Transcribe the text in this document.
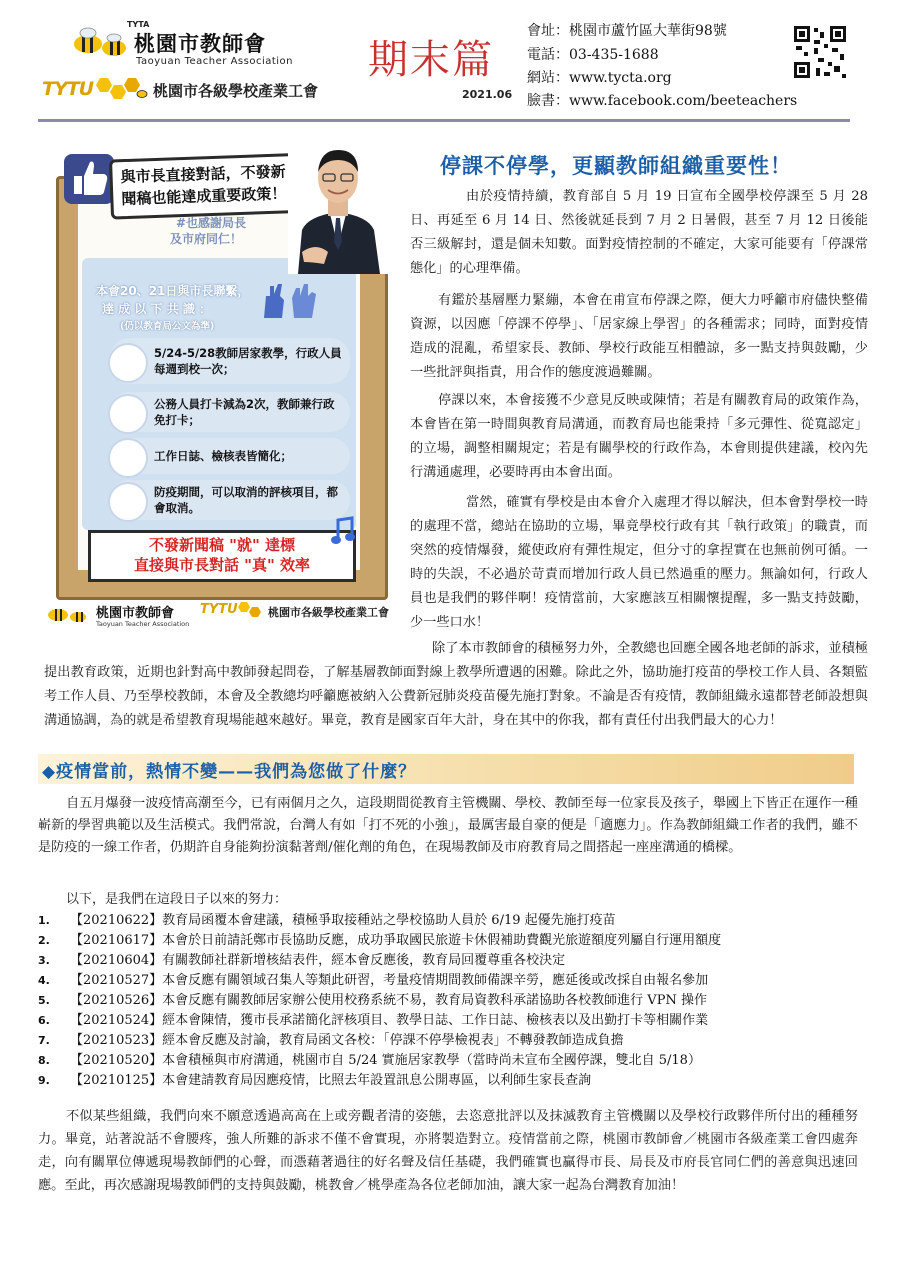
TYTA
桃園市教師會
Taoyuan Teacher Association
TYTU	桃園市各級學校產業工會
期末篇
2021.06
會址：桃園市蘆竹區大華街98號
電話：03-435-1688
網站：www.tycta.org
臉書：www.facebook.com/beeteachers
與市長直接對話，不發新
聞稿也能達成重要政策！
#也感謝局長
及市府同仁！
本會20、21日與市長聯繫，
達 成 以 下 共 識 ：
(仍以教育局公文為準)
5/24-5/28教師居家教學，行政人員每週到校一次；
公務人員打卡減為2次，教師兼行政免打卡；
工作日誌、檢核表皆簡化；
防疫期間，可以取消的評核項目，都會取消。
不發新聞稿 "就" 達標
直接與市長對話 "真" 效率
桃園市教師會
Taoyuan Teacher Association
TYTU	桃園市各級學校產業工會
停課不停學，更顯教師組織重要性！
由於疫情持續，教育部自 5 月 19 日宣布全國學校停課至 5 月 28 日、再延至 6 月 14 日、然後就延長到 7 月 2 日暑假，甚至 7 月 12 日後能否三級解封，還是個未知數。面對疫情控制的不確定，大家可能要有「停課常態化」的心理準備。
有鑑於基層壓力緊繃，本會在甫宣布停課之際，便大力呼籲市府儘快整備資源，以因應「停課不停學」、「居家線上學習」的各種需求；同時，面對疫情造成的混亂，希望家長、教師、學校行政能互相體諒，多一點支持與鼓勵，少一些批評與指責，用合作的態度渡過難關。
停課以來，本會接獲不少意見反映或陳情；若是有關教育局的政策作為，本會皆在第一時間與教育局溝通，而教育局也能秉持「多元彈性、從寬認定」的立場，調整相關規定；若是有關學校的行政作為，本會則提供建議，校內先行溝通處理，必要時再由本會出面。
當然，確實有學校是由本會介入處理才得以解決，但本會對學校一時的處理不當，總站在協助的立場，畢竟學校行政有其「執行政策」的職責，而突然的疫情爆發，縱使政府有彈性規定，但分寸的拿捏實在也無前例可循。一時的失誤，不必過於苛責而增加行政人員已然過重的壓力。無論如何，行政人員也是我們的夥伴啊！疫情當前，大家應該互相關懷提醒，多一點支持鼓勵，少一些口水！
除了本市教師會的積極努力外，全教總也回應全國各地老師的訴求，並積極提出教育政策，近期也針對高中教師發起問卷，了解基層教師面對線上教學所遭遇的困難。除此之外，協助施打疫苗的學校工作人員、各類監考工作人員、乃至學校教師，本會及全教總均呼籲應被納入公費新冠肺炎疫苗優先施打對象。不論是否有疫情，教師組織永遠都替老師設想與溝通協調，為的就是希望教育現場能越來越好。畢竟，教育是國家百年大計，身在其中的你我，都有責任付出我們最大的心力！
◆疫情當前，熱情不變——我們為您做了什麼？
自五月爆發一波疫情高潮至今，已有兩個月之久，這段期間從教育主管機關、學校、教師至每一位家長及孩子，舉國上下皆正在運作一種嶄新的學習典範以及生活模式。我們常說，台灣人有如「打不死的小強」，最厲害最自豪的便是「適應力」。作為教師組織工作者的我們，雖不是防疫的一線工作者，仍期許自身能夠扮演黏著劑/催化劑的角色，在現場教師及市府教育局之間搭起一座座溝通的橋樑。
以下，是我們在這段日子以來的努力：
1. 【20210622】教育局函覆本會建議，積極爭取接種站之學校協助人員於 6/19 起優先施打疫苗
2. 【20210617】本會於日前請託鄭市長協助反應，成功爭取國民旅遊卡休假補助費觀光旅遊額度列屬自行運用額度
3. 【20210604】有關教師社群新增核結表件，經本會反應後，教育局回覆尊重各校決定
4. 【20210527】本會反應有關領域召集人等類此研習，考量疫情期間教師備課辛勞，應延後或改採自由報名參加
5. 【20210526】本會反應有關教師居家辦公使用校務系統不易，教育局資教科承諾協助各校教師進行 VPN 操作
6. 【20210524】經本會陳情，獲市長承諾簡化評核項目、教學日誌、工作日誌、檢核表以及出勤打卡等相關作業
7. 【20210523】經本會反應及討論，教育局函文各校：「停課不停學檢視表」不轉發教師造成負擔
8. 【20210520】本會積極與市府溝通，桃園市自 5/24 實施居家教學（當時尚未宣布全國停課，雙北自 5/18）
9. 【20210125】本會建請教育局因應疫情，比照去年設置訊息公開專區，以利師生家長查詢
不似某些組織，我們向來不願意透過高高在上或旁觀者清的姿態，去恣意批評以及抹滅教育主管機關以及學校行政夥伴所付出的種種努力。畢竟，站著說話不會腰疼，強人所難的訴求不僅不會實現，亦將製造對立。疫情當前之際，桃園市教師會／桃園市各級產業工會四處奔走，向有關單位傳遞現場教師們的心聲，而憑藉著過往的好名聲及信任基礎，我們確實也贏得市長、局長及市府長官同仁們的善意與迅速回應。至此，再次感謝現場教師們的支持與鼓勵，桃教會／桃學產為各位老師加油，讓大家一起為台灣教育加油！
